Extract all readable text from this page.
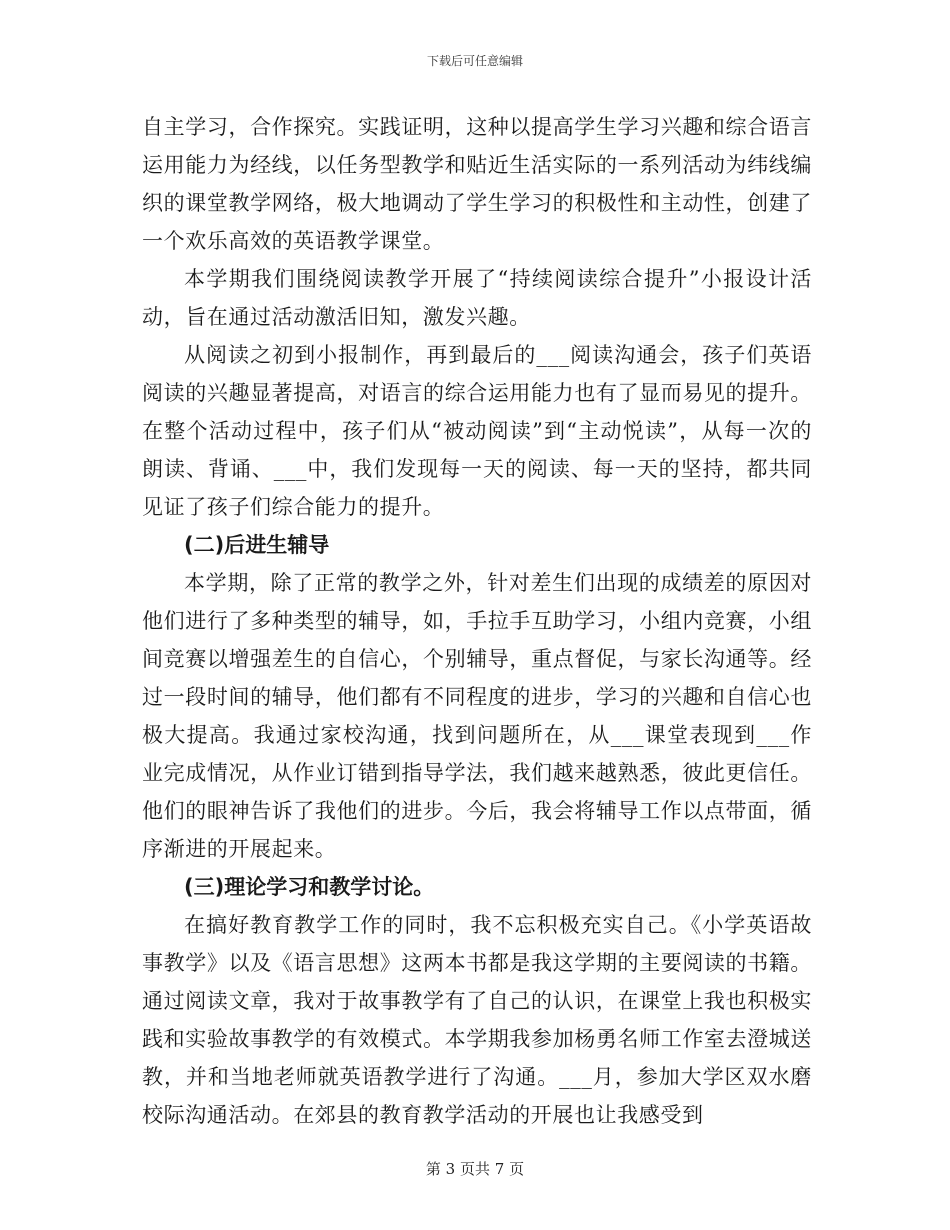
下载后可任意编辑

自主学习，合作探究。实践证明，这种以提高学生学习兴趣和综合语言运用能力为经线，以任务型教学和贴近生活实际的一系列活动为纬线编织的课堂教学网络，极大地调动了学生学习的积极性和主动性，创建了一个欢乐高效的英语教学课堂。

本学期我们围绕阅读教学开展了“持续阅读综合提升”小报设计活动，旨在通过活动激活旧知，激发兴趣。

从阅读之初到小报制作，再到最后的___阅读沟通会，孩子们英语阅读的兴趣显著提高，对语言的综合运用能力也有了显而易见的提升。在整个活动过程中，孩子们从“被动阅读”到“主动悦读”，从每一次的朗读、背诵、___中，我们发现每一天的阅读、每一天的坚持，都共同见证了孩子们综合能力的提升。

(二)后进生辅导

本学期，除了正常的教学之外，针对差生们出现的成绩差的原因对他们进行了多种类型的辅导，如，手拉手互助学习，小组内竞赛，小组间竞赛以增强差生的自信心，个别辅导，重点督促，与家长沟通等。经过一段时间的辅导，他们都有不同程度的进步，学习的兴趣和自信心也极大提高。我通过家校沟通，找到问题所在，从___课堂表现到___作业完成情况，从作业订错到指导学法，我们越来越熟悉，彼此更信任。他们的眼神告诉了我他们的进步。今后，我会将辅导工作以点带面，循序渐进的开展起来。

(三)理论学习和教学讨论。

在搞好教育教学工作的同时，我不忘积极充实自己。《小学英语故事教学》以及《语言思想》这两本书都是我这学期的主要阅读的书籍。通过阅读文章，我对于故事教学有了自己的认识，在课堂上我也积极实践和实验故事教学的有效模式。本学期我参加杨勇名师工作室去澄城送教，并和当地老师就英语教学进行了沟通。___月，参加大学区双水磨校际沟通活动。在郊县的教育教学活动的开展也让我感受到

第 3 页共 7 页
